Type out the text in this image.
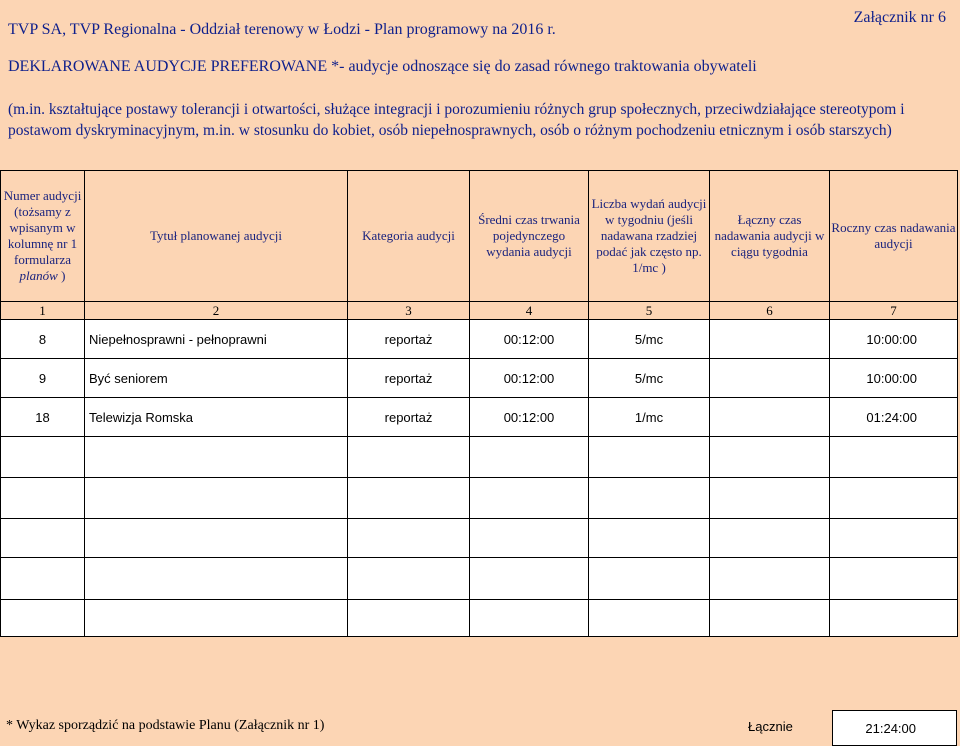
TVP SA, TVP Regionalna - Oddział terenowy w Łodzi - Plan programowy na 2016 r.
Załącznik nr 6
DEKLAROWANE AUDYCJE PREFEROWANE *- audycje odnoszące się do zasad równego traktowania obywateli
(m.in. kształtujące postawy tolerancji i otwartości, służące integracji i porozumieniu różnych grup społecznych, przeciwdziałające stereotypom i postawom dyskryminacyjnym, m.in. w stosunku do kobiet, osób niepełnosprawnych, osób o różnym pochodzeniu etnicznym i osób starszych)
Numer audycji (tożsamy z wpisanym w kolumnę nr 1 formularza planów )	Tytuł planowanej audycji	Kategoria audycji	Średni czas trwania pojedynczego wydania audycji	Liczba wydań audycji w tygodniu (jeśli nadawana rzadziej podać jak często np. 1/mc )	Łączny czas nadawania audycji w ciągu tygodnia	Roczny czas nadawania audycji
1	2	3	4	5	6	7
8	Niepełnosprawni - pełnoprawni	reportaż	00:12:00	5/mc		10:00:00
9	Być seniorem	reportaż	00:12:00	5/mc		10:00:00
18	Telewizja Romska	reportaż	00:12:00	1/mc		01:24:00

Łącznie	21:24:00
* Wykaz sporządzić na podstawie Planu (Załącznik nr 1)
